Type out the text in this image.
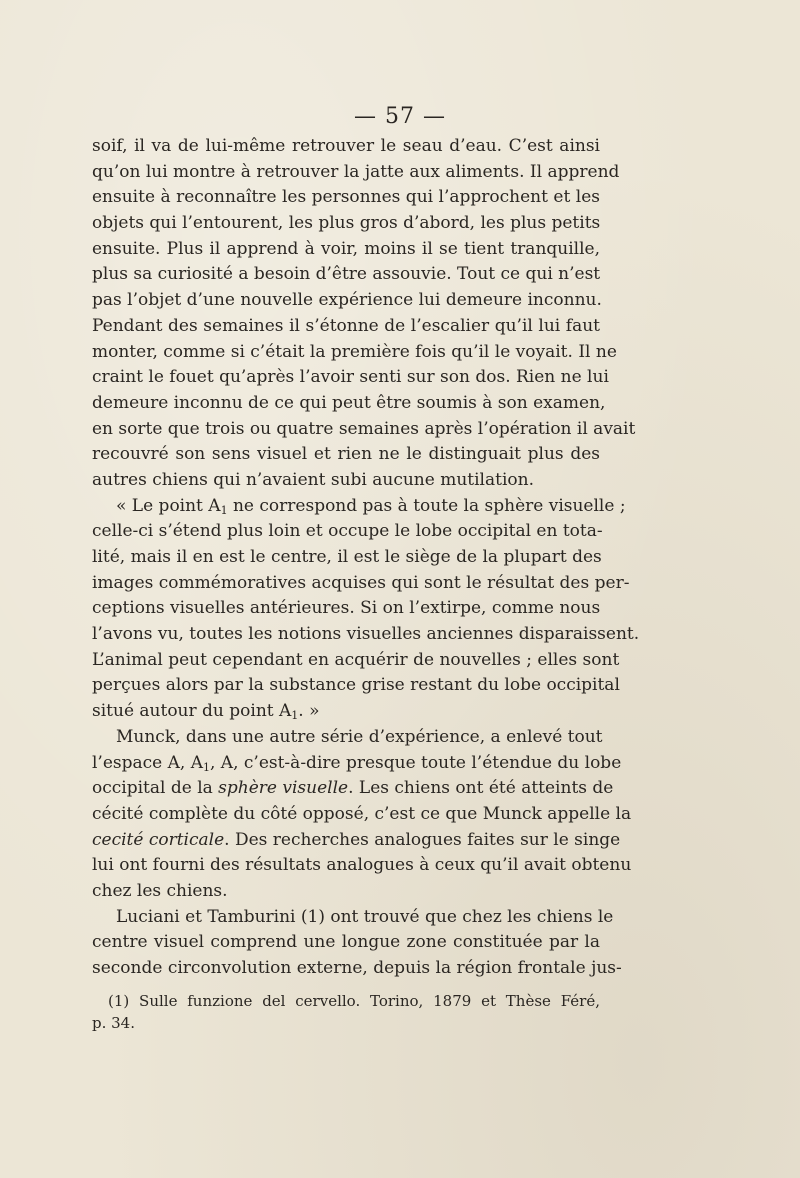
— 57 —
soif, il va de lui-même retrouver le seau d’eau. C’est ainsi
qu’on lui montre à retrouver la jatte aux aliments. Il apprend
ensuite à reconnaître les personnes qui l’approchent et les
objets qui l’entourent, les plus gros d’abord, les plus petits
ensuite. Plus il apprend à voir, moins il se tient tranquille,
plus sa curiosité a besoin d’être assouvie. Tout ce qui n’est
pas l’objet d’une nouvelle expérience lui demeure inconnu.
Pendant des semaines il s’étonne de l’escalier qu’il lui faut
monter, comme si c’était la première fois qu’il le voyait. Il ne
craint le fouet qu’après l’avoir senti sur son dos. Rien ne lui
demeure inconnu de ce qui peut être soumis à son examen,
en sorte que trois ou quatre semaines après l’opération il avait
recouvré son sens visuel et rien ne le distinguait plus des
autres chiens qui n’avaient subi aucune mutilation.
« Le point $A_1$ ne correspond pas à toute la sphère visuelle ;
celle-ci s’étend plus loin et occupe le lobe occipital en tota-
lité, mais il en est le centre, il est le siège de la plupart des
images commémoratives acquises qui sont le résultat des per-
ceptions visuelles antérieures. Si on l’extirpe, comme nous
l’avons vu, toutes les notions visuelles anciennes disparaissent.
L’animal peut cependant en acquérir de nouvelles ; elles sont
perçues alors par la substance grise restant du lobe occipital
situé autour du point $A_1$. »
Munck, dans une autre série d’expérience, a enlevé tout
l’espace A, $A_1$, A, c’est-à-dire presque toute l’étendue du lobe
occipital de la sphère visuelle. Les chiens ont été atteints de
cécité complète du côté opposé, c’est ce que Munck appelle la
cecité corticale. Des recherches analogues faites sur le singe
lui ont fourni des résultats analogues à ceux qu’il avait obtenu
chez les chiens.
Luciani et Tamburini (1) ont trouvé que chez les chiens le
centre visuel comprend une longue zone constituée par la
seconde circonvolution externe, depuis la région frontale jus-
(1) Sulle funzione del cervello. Torino, 1879 et Thèse Féré,
p. 34.
